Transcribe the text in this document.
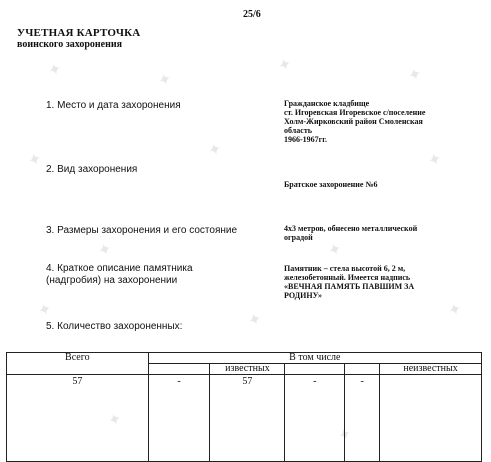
✦	✦
✦	✦
✦	✦	✦
✦	✦
✦	✦	✦
✦
✦
25/6
УЧЕТНАЯ КАРТОЧКА
воинского захоронения
1. Место и дата захоронения	Гражданское кладбище
ст. Игоревская Игоревское с/поселение
Холм-Жирковский район Смоленская
область
1966-1967гг.
2. Вид захоронения
Братское захоронение №6
3. Размеры захоронения и его состояние	4x3 метров, обнесено металлической
оградой
4. Краткое описание памятника
(надгробия) на захоронении
Памятник – стела высотой 6, 2 м,
железобетонный. Имеется надпись
«ВЕЧНАЯ ПАМЯТЬ ПАВШИМ ЗА
РОДИНУ»
5. Количество захороненных:
Всего	В том числе				
		известных			неизвестных
57	-	57	-	-	
